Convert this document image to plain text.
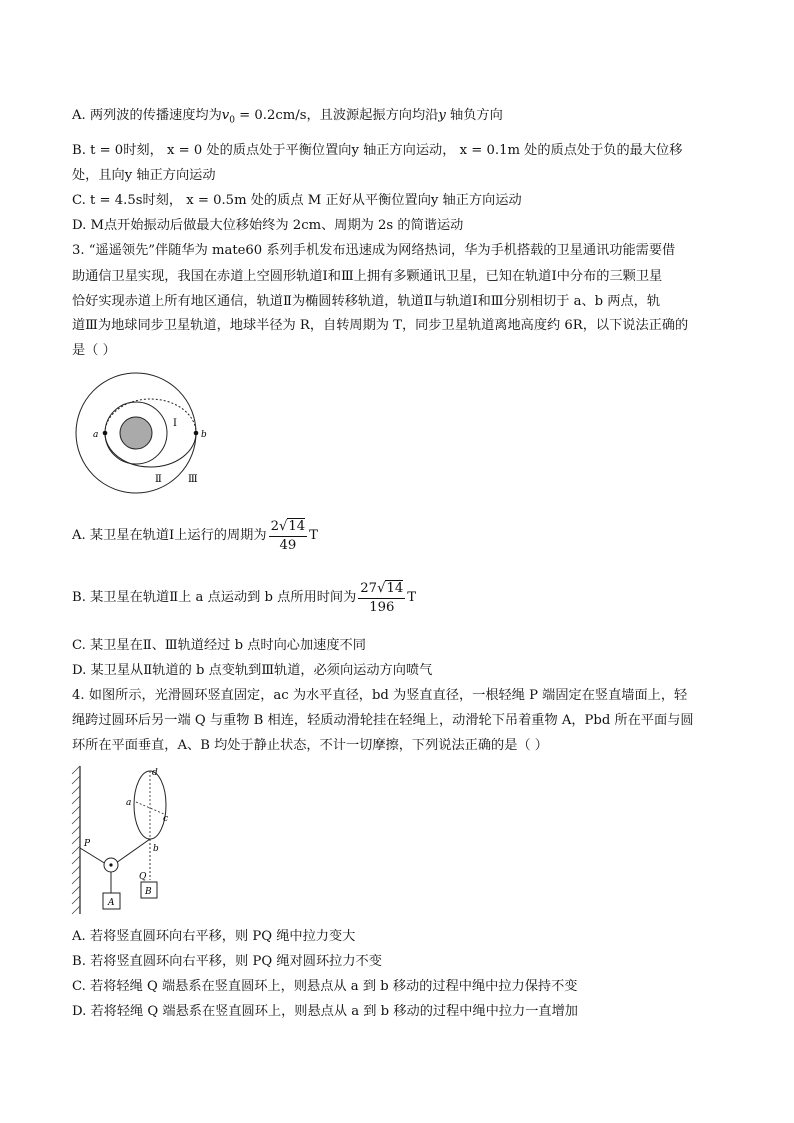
A. 两列波的传播速度均为$v_0 = 0.2cm/s$，且波源起振方向均沿y 轴负方向
B. t = 0时刻， x = 0 处的质点处于平衡位置向y 轴正方向运动， x = 0.1m 处的质点处于负的最大位移
处，且向y 轴正方向运动
C. t = 4.5s时刻， x = 0.5m 处的质点 M 正好从平衡位置向y 轴正方向运动
D. M点开始振动后做最大位移始终为 2cm、周期为 2s 的简谐运动
3. “遥遥领先”伴随华为 mate60 系列手机发布迅速成为网络热词，华为手机搭载的卫星通讯功能需要借
助通信卫星实现，我国在赤道上空圆形轨道Ⅰ和Ⅲ上拥有多颗通讯卫星，已知在轨道Ⅰ中分布的三颗卫星
恰好实现赤道上所有地区通信，轨道Ⅱ为椭圆转移轨道，轨道Ⅱ与轨道Ⅰ和Ⅲ分别相切于 a、b 两点，轨
道Ⅲ为地球同步卫星轨道，地球半径为 R，自转周期为 T，同步卫星轨道离地高度约 6R，以下说法正确的
是（ ）
a	b
Ⅰ
Ⅱ	Ⅲ
A. 某卫星在轨道Ⅰ上运行的周期为 $\frac{2√14}{49}$ T
B. 某卫星在轨道Ⅱ上 a 点运动到 b 点所用时间为 $\frac{27√14}{196}$ T
C. 某卫星在Ⅱ、Ⅲ轨道经过 b 点时向心加速度不同
D. 某卫星从Ⅱ轨道的 b 点变轨到Ⅲ轨道，必须向运动方向喷气
4. 如图所示，光滑圆环竖直固定，ac 为水平直径，bd 为竖直直径，一根轻绳 P 端固定在竖直墙面上，轻
绳跨过圆环后另一端 Q 与重物 B 相连，轻质动滑轮挂在轻绳上，动滑轮下吊着重物 A，Pbd 所在平面与圆
环所在平面垂直，A、B 均处于静止状态，不计一切摩擦，下列说法正确的是（ ）
d
a
c
b
P
Q
A
B
A. 若将竖直圆环向右平移，则 PQ 绳中拉力变大
B. 若将竖直圆环向右平移，则 PQ 绳对圆环拉力不变
C. 若将轻绳 Q 端悬系在竖直圆环上，则悬点从 a 到 b 移动的过程中绳中拉力保持不变
D. 若将轻绳 Q 端悬系在竖直圆环上，则悬点从 a 到 b 移动的过程中绳中拉力一直增加
